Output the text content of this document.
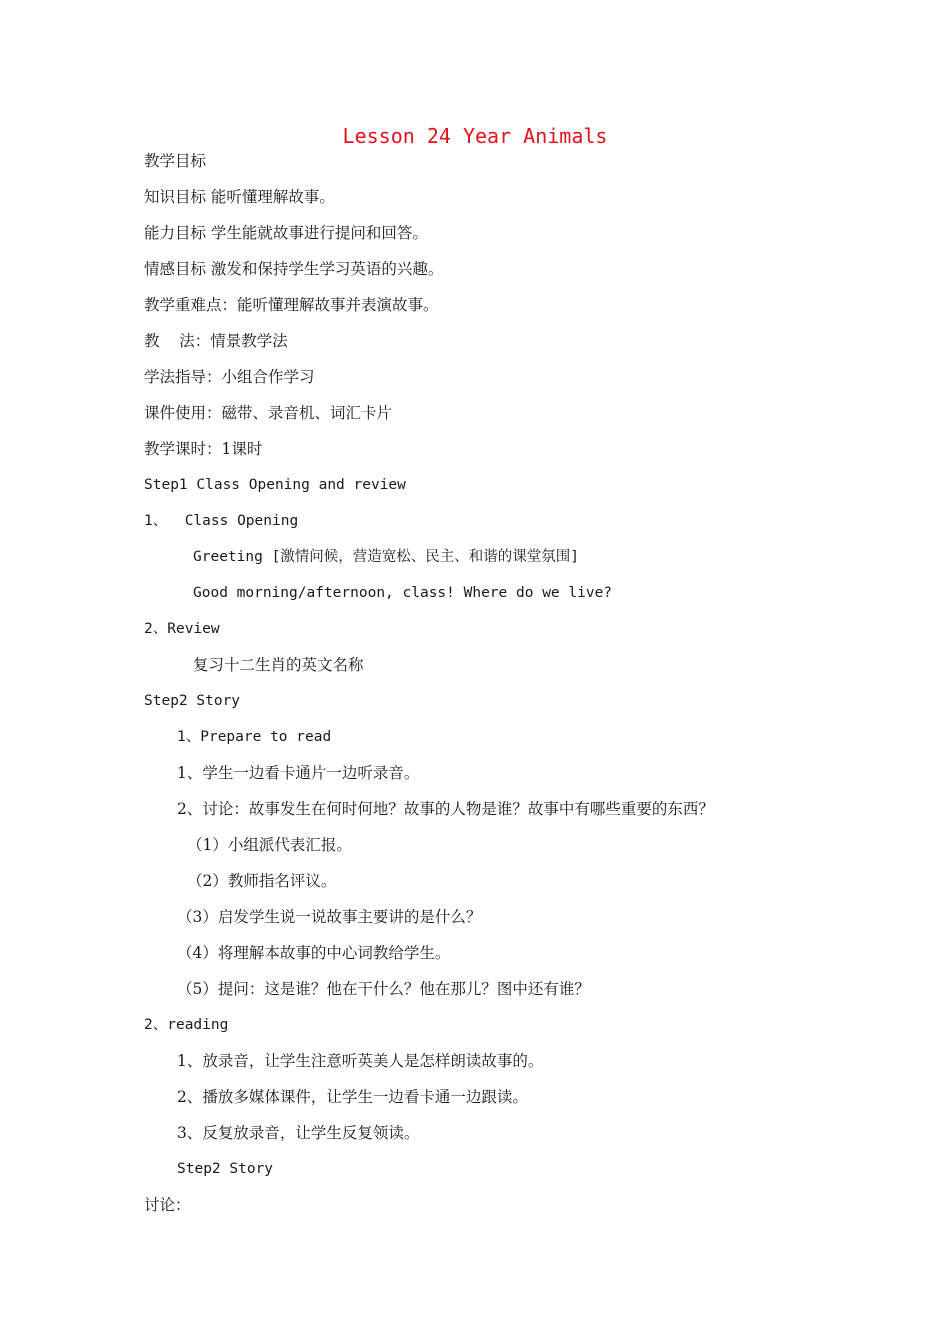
Lesson 24 Year Animals
教学目标
知识目标 能听懂理解故事。
能力目标 学生能就故事进行提问和回答。
情感目标 激发和保持学生学习英语的兴趣。
教学重难点：能听懂理解故事并表演故事。
教    法：情景教学法
学法指导：小组合作学习
课件使用：磁带、录音机、词汇卡片
教学课时：1课时
Step1 Class Opening and review
1、  Class Opening
Greeting [激情问候，营造宽松、民主、和谐的课堂氛围]
Good morning/afternoon, class! Where do we live?
2、Review
复习十二生肖的英文名称
Step2 Story
1、Prepare to read
1、学生一边看卡通片一边听录音。
2、讨论：故事发生在何时何地？故事的人物是谁？故事中有哪些重要的东西？
（1）小组派代表汇报。
（2）教师指名评议。
（3）启发学生说一说故事主要讲的是什么？
（4）将理解本故事的中心词教给学生。
（5）提问：这是谁？他在干什么？他在那儿？图中还有谁？
2、reading
1、放录音，让学生注意听英美人是怎样朗读故事的。
2、播放多媒体课件，让学生一边看卡通一边跟读。
3、反复放录音，让学生反复领读。
Step2 Story
讨论：
